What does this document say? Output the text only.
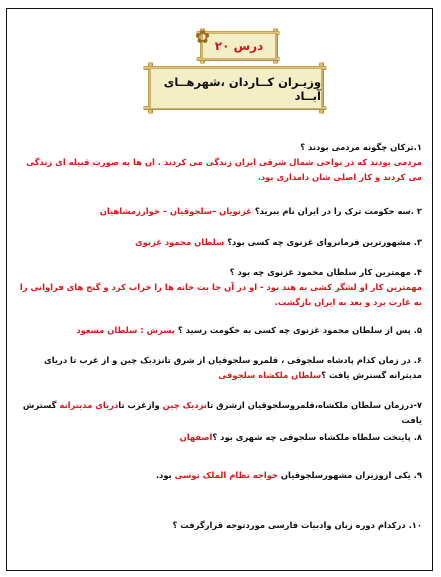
درس ۲۰
✿
وزیـران کــاردان ،شهرهــای آبــاد

۱.ترکان چگونه مردمی بودند ؟

مردمی بودند که در نواحی شمال شرقی ایران زندگی می کردند . ان ها به صورت قبیله ای زندگی می کردند و کار اصلی شان دامداری بود.

۲ .سه حکومت ترک را در ایران نام ببرید؟ غزنویان –سلجوقیان – خوارزمشاهیان

۳. مشهورترین فرمانروای غزنوی چه کسی بود؟ سلطان محمود غزنوی

۴. مهمترین کار سلطان محمود غزنوی چه بود ؟

مهمترین کار او لشگر کشی به هند بود - او در آن جا بت خانه ها را خراب کرد و گنج های فراوانی را به غارت برد و بعد به ایران بازگشت.

۵. پس از سلطان محمود غزنوی چه کسی به حکومت رسید ؟ پسرش : سلطان مسعود

۶. در زمان کدام پادشاه سلجوقی ، قلمرو سلجوقیان از شرق تانزدیک چین و از غرب تا دریای مدیترانه گسترش یافت ؟سلطان ملکشاه سلجوقی

۷-درزمان سلطان ملکشاه،قلمروسلجوقیان ازشرق تانزدیک چین وازغرب تادریای مدیترانه گسترش یافت

۸. پایتخت سلطاه ملکشاه سلجوقی چه شهری بود ؟اصفهان

۹. یکی ازوزیران مشهورسلجوقیان خواجه نظام الملک توسی بود.

۱۰. درکدام دوره زبان وادبیات فارسی موردتوجه قرارگرفت ؟
